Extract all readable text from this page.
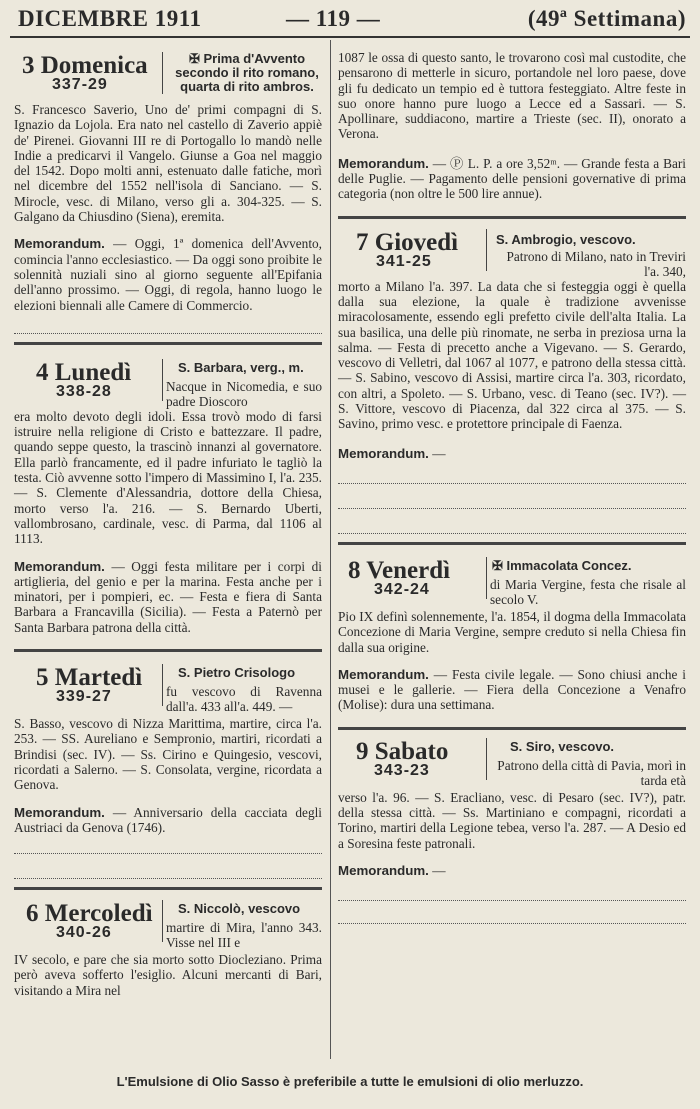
DICEMBRE 1911	— 119 —	(49ª Settimana)
3 Domenica
337-29
✠ Prima d'Avvento secondo il rito romano, quarta di rito ambros.

S. Francesco Saverio, Uno de' primi compagni di S. Ignazio da Lojola. Era nato nel castello di Zaverio appiè de' Pirenei. Giovanni III re di Portogallo lo mandò nelle Indie a predicarvi il Vangelo. Giunse a Goa nel maggio del 1542. Dopo molti anni, estenuato dalle fatiche, morì nel dicembre del 1552 nell'isola di Sanciano. — S. Mirocle, vesc. di Milano, verso gli a. 304-325. — S. Galgano da Chiusdino (Siena), eremita.

Memorandum. — Oggi, 1ª domenica dell'Avvento, comincia l'anno ecclesiastico. — Da oggi sono proibite le solennità nuziali sino al giorno seguente all'Epifania dell'anno prossimo. — Oggi, di regola, hanno luogo le elezioni biennali alle Camere di Commercio.
4 Lunedì
338-28
S. Barbara, verg., m.
Nacque in Nicomedia, e suo padre Dioscoro

era molto devoto degli idoli. Essa trovò modo di farsi istruire nella religione di Cristo e battezzare. Il padre, quando seppe questo, la trascinò innanzi al governatore. Ella parlò francamente, ed il padre infuriato le tagliò la testa. Ciò avvenne sotto l'impero di Massimino I, l'a. 235. — S. Clemente d'Alessandria, dottore della Chiesa, morto verso l'a. 216. — S. Bernardo Uberti, vallombrosano, cardinale, vesc. di Parma, dal 1106 al 1113.

Memorandum. — Oggi festa militare per i corpi di artiglieria, del genio e per la marina. Festa anche per i minatori, per i pompieri, ec. — Festa e fiera di Santa Barbara a Francavilla (Sicilia). — Festa a Paternò per Santa Barbara patrona della città.
5 Martedì
339-27
S. Pietro Crisologo
fu vescovo di Ravenna dall'a. 433 all'a. 449. —

S. Basso, vescovo di Nizza Marittima, martire, circa l'a. 253. — SS. Aureliano e Sempronio, martiri, ricordati a Brindisi (sec. IV). — Ss. Cirino e Quingesio, vescovi, ricordati a Salerno. — S. Consolata, vergine, ricordata a Genova.

Memorandum. — Anniversario della cacciata degli Austriaci da Genova (1746).
6 Mercoledì
340-26
S. Niccolò, vescovo
martire di Mira, l'anno 343. Visse nel III e

IV secolo, e pare che sia morto sotto Diocleziano. Prima però aveva sofferto l'esiglio. Alcuni mercanti di Bari, visitando a Mira nel

1087 le ossa di questo santo, le trovarono così mal custodite, che pensarono di metterle in sicuro, portandole nel loro paese, dove gli fu dedicato un tempio ed è tuttora festeggiato. Altre feste in suo onore hanno pure luogo a Lecce ed a Sassari. — S. Apollinare, suddiacono, martire a Trieste (sec. II), onorato a Verona.

Memorandum. — Ⓟ L. P. a ore 3,52ᵐ. — Grande festa a Bari delle Puglie. — Pagamento delle pensioni governative di prima categoria (non oltre le 500 lire annue).
7 Giovedì
341-25
S. Ambrogio, vescovo.
Patrono di Milano, nato in Treviri l'a. 340,

morto a Milano l'a. 397. La data che si festeggia oggi è quella dalla sua elezione, la quale è tradizione avvenisse miracolosamente, essendo egli prefetto civile dell'alta Italia. La sua basilica, una delle più rinomate, ne serba in preziosa urna la salma. — Festa di precetto anche a Vigevano. — S. Gerardo, vescovo di Velletri, dal 1067 al 1077, e patrono della stessa città. — S. Sabino, vescovo di Assisi, martire circa l'a. 303, ricordato, con altri, a Spoleto. — S. Urbano, vesc. di Teano (sec. IV?). — S. Vittore, vescovo di Piacenza, dal 322 circa al 375. — S. Savino, primo vesc. e protettore principale di Faenza.

Memorandum. —
8 Venerdì
342-24
✠ Immacolata Concez.
di Maria Vergine, festa che risale al secolo V.

Pio IX definì solennemente, l'a. 1854, il dogma della Immacolata Concezione di Maria Vergine, sempre creduto si nella Chiesa fin dalla sua origine.

Memorandum. — Festa civile legale. — Sono chiusi anche i musei e le gallerie. — Fiera della Concezione a Venafro (Molise): dura una settimana.
9 Sabato
343-23
S. Siro, vescovo.
Patrono della città di Pavia, morì in tarda età

verso l'a. 96. — S. Eracliano, vesc. di Pesaro (sec. IV?), patr. della stessa città. — Ss. Martiniano e compagni, ricordati a Torino, martiri della Legione tebea, verso l'a. 287. — A Desio ed a Soresina feste patronali.

Memorandum. —
L'Emulsione di Olio Sasso è preferibile a tutte le emulsioni di olio merluzzo.
